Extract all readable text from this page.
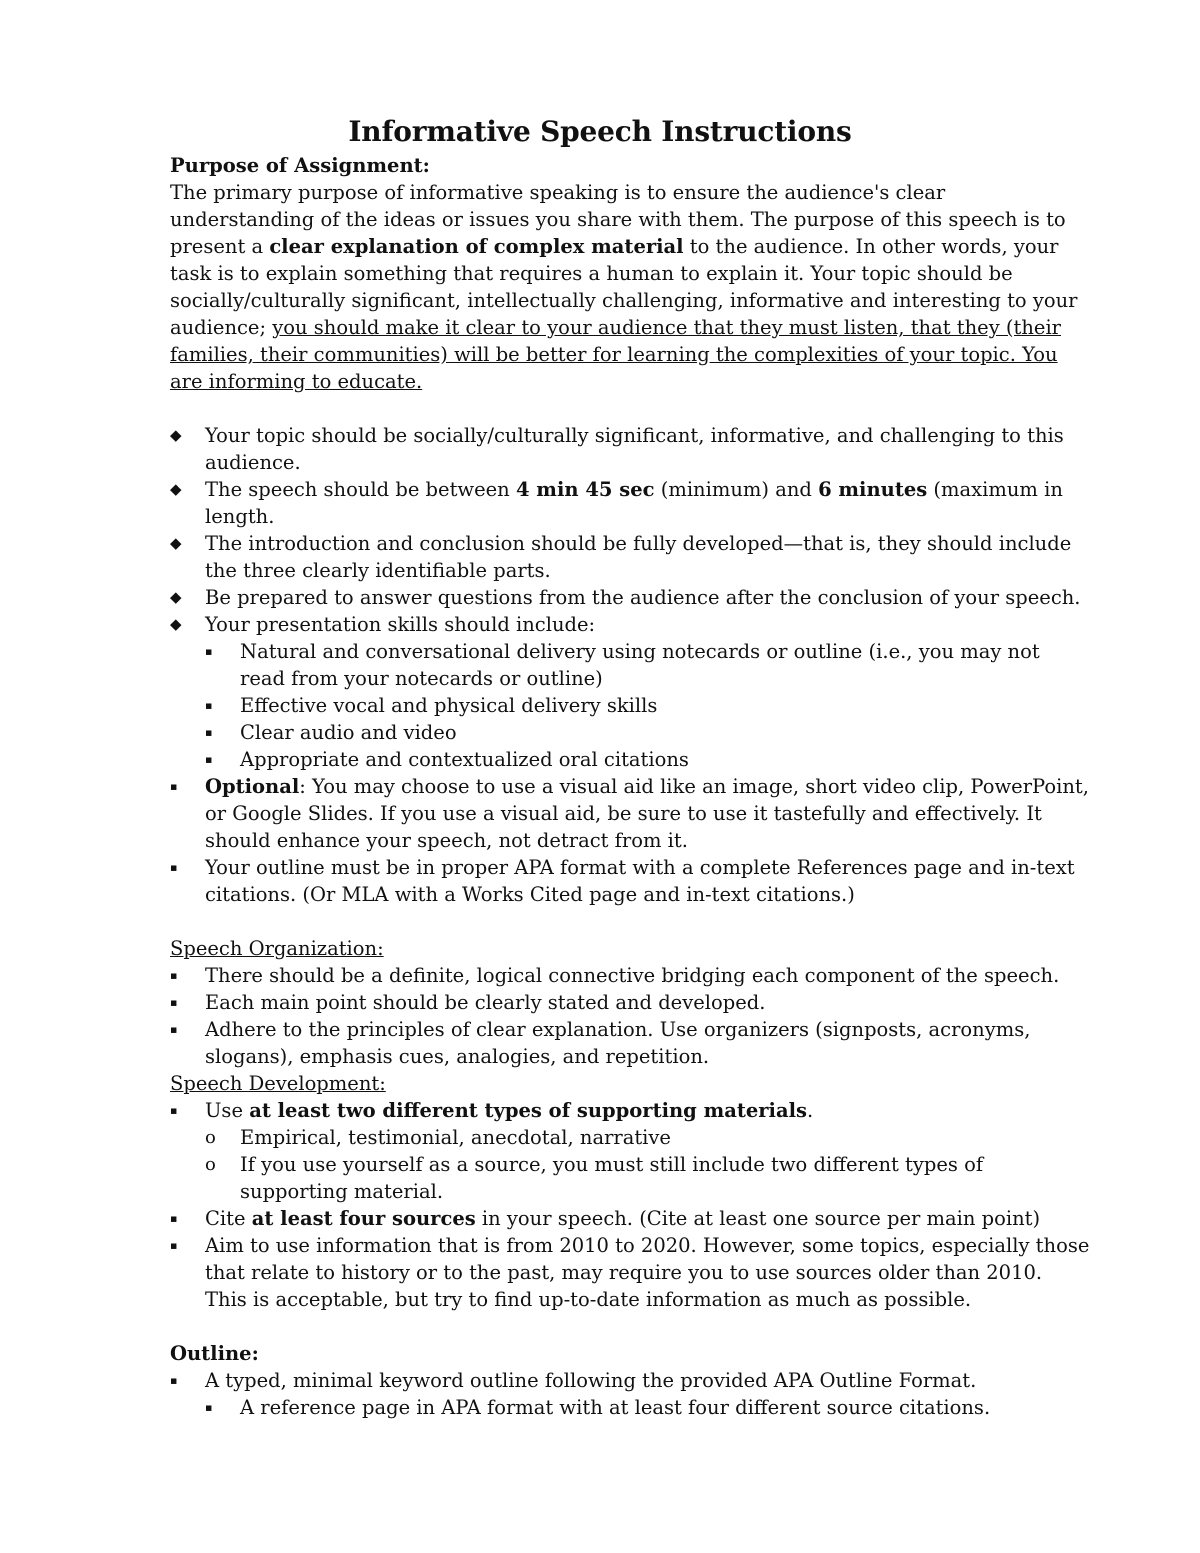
Informative Speech Instructions

Purpose of Assignment:

The primary purpose of informative speaking is to ensure the audience's clear understanding of the ideas or issues you share with them. The purpose of this speech is to present a clear explanation of complex material to the audience. In other words, your task is to explain something that requires a human to explain it. Your topic should be socially/culturally significant, intellectually challenging, informative and interesting to your audience; you should make it clear to your audience that they must listen, that they (their families, their communities) will be better for learning the complexities of your topic. You are informing to educate.

◆ Your topic should be socially/culturally significant, informative, and challenging to this audience.
◆ The speech should be between 4 min 45 sec (minimum) and 6 minutes (maximum in length.
◆ The introduction and conclusion should be fully developed—that is, they should include the three clearly identifiable parts.
◆ Be prepared to answer questions from the audience after the conclusion of your speech.
◆ Your presentation skills should include:
▪ Natural and conversational delivery using notecards or outline (i.e., you may not read from your notecards or outline)
▪ Effective vocal and physical delivery skills
▪ Clear audio and video
▪ Appropriate and contextualized oral citations
▪ Optional: You may choose to use a visual aid like an image, short video clip, PowerPoint, or Google Slides. If you use a visual aid, be sure to use it tastefully and effectively. It should enhance your speech, not detract from it.
▪ Your outline must be in proper APA format with a complete References page and in-text citations. (Or MLA with a Works Cited page and in-text citations.)

Speech Organization:

▪ There should be a definite, logical connective bridging each component of the speech.
▪ Each main point should be clearly stated and developed.
▪ Adhere to the principles of clear explanation. Use organizers (signposts, acronyms, slogans), emphasis cues, analogies, and repetition.

Speech Development:

▪ Use at least two different types of supporting materials.
o Empirical, testimonial, anecdotal, narrative
o If you use yourself as a source, you must still include two different types of supporting material.
▪ Cite at least four sources in your speech. (Cite at least one source per main point)
▪ Aim to use information that is from 2010 to 2020. However, some topics, especially those that relate to history or to the past, may require you to use sources older than 2010. This is acceptable, but try to find up-to-date information as much as possible.

Outline:

▪ A typed, minimal keyword outline following the provided APA Outline Format.
▪ A reference page in APA format with at least four different source citations.
